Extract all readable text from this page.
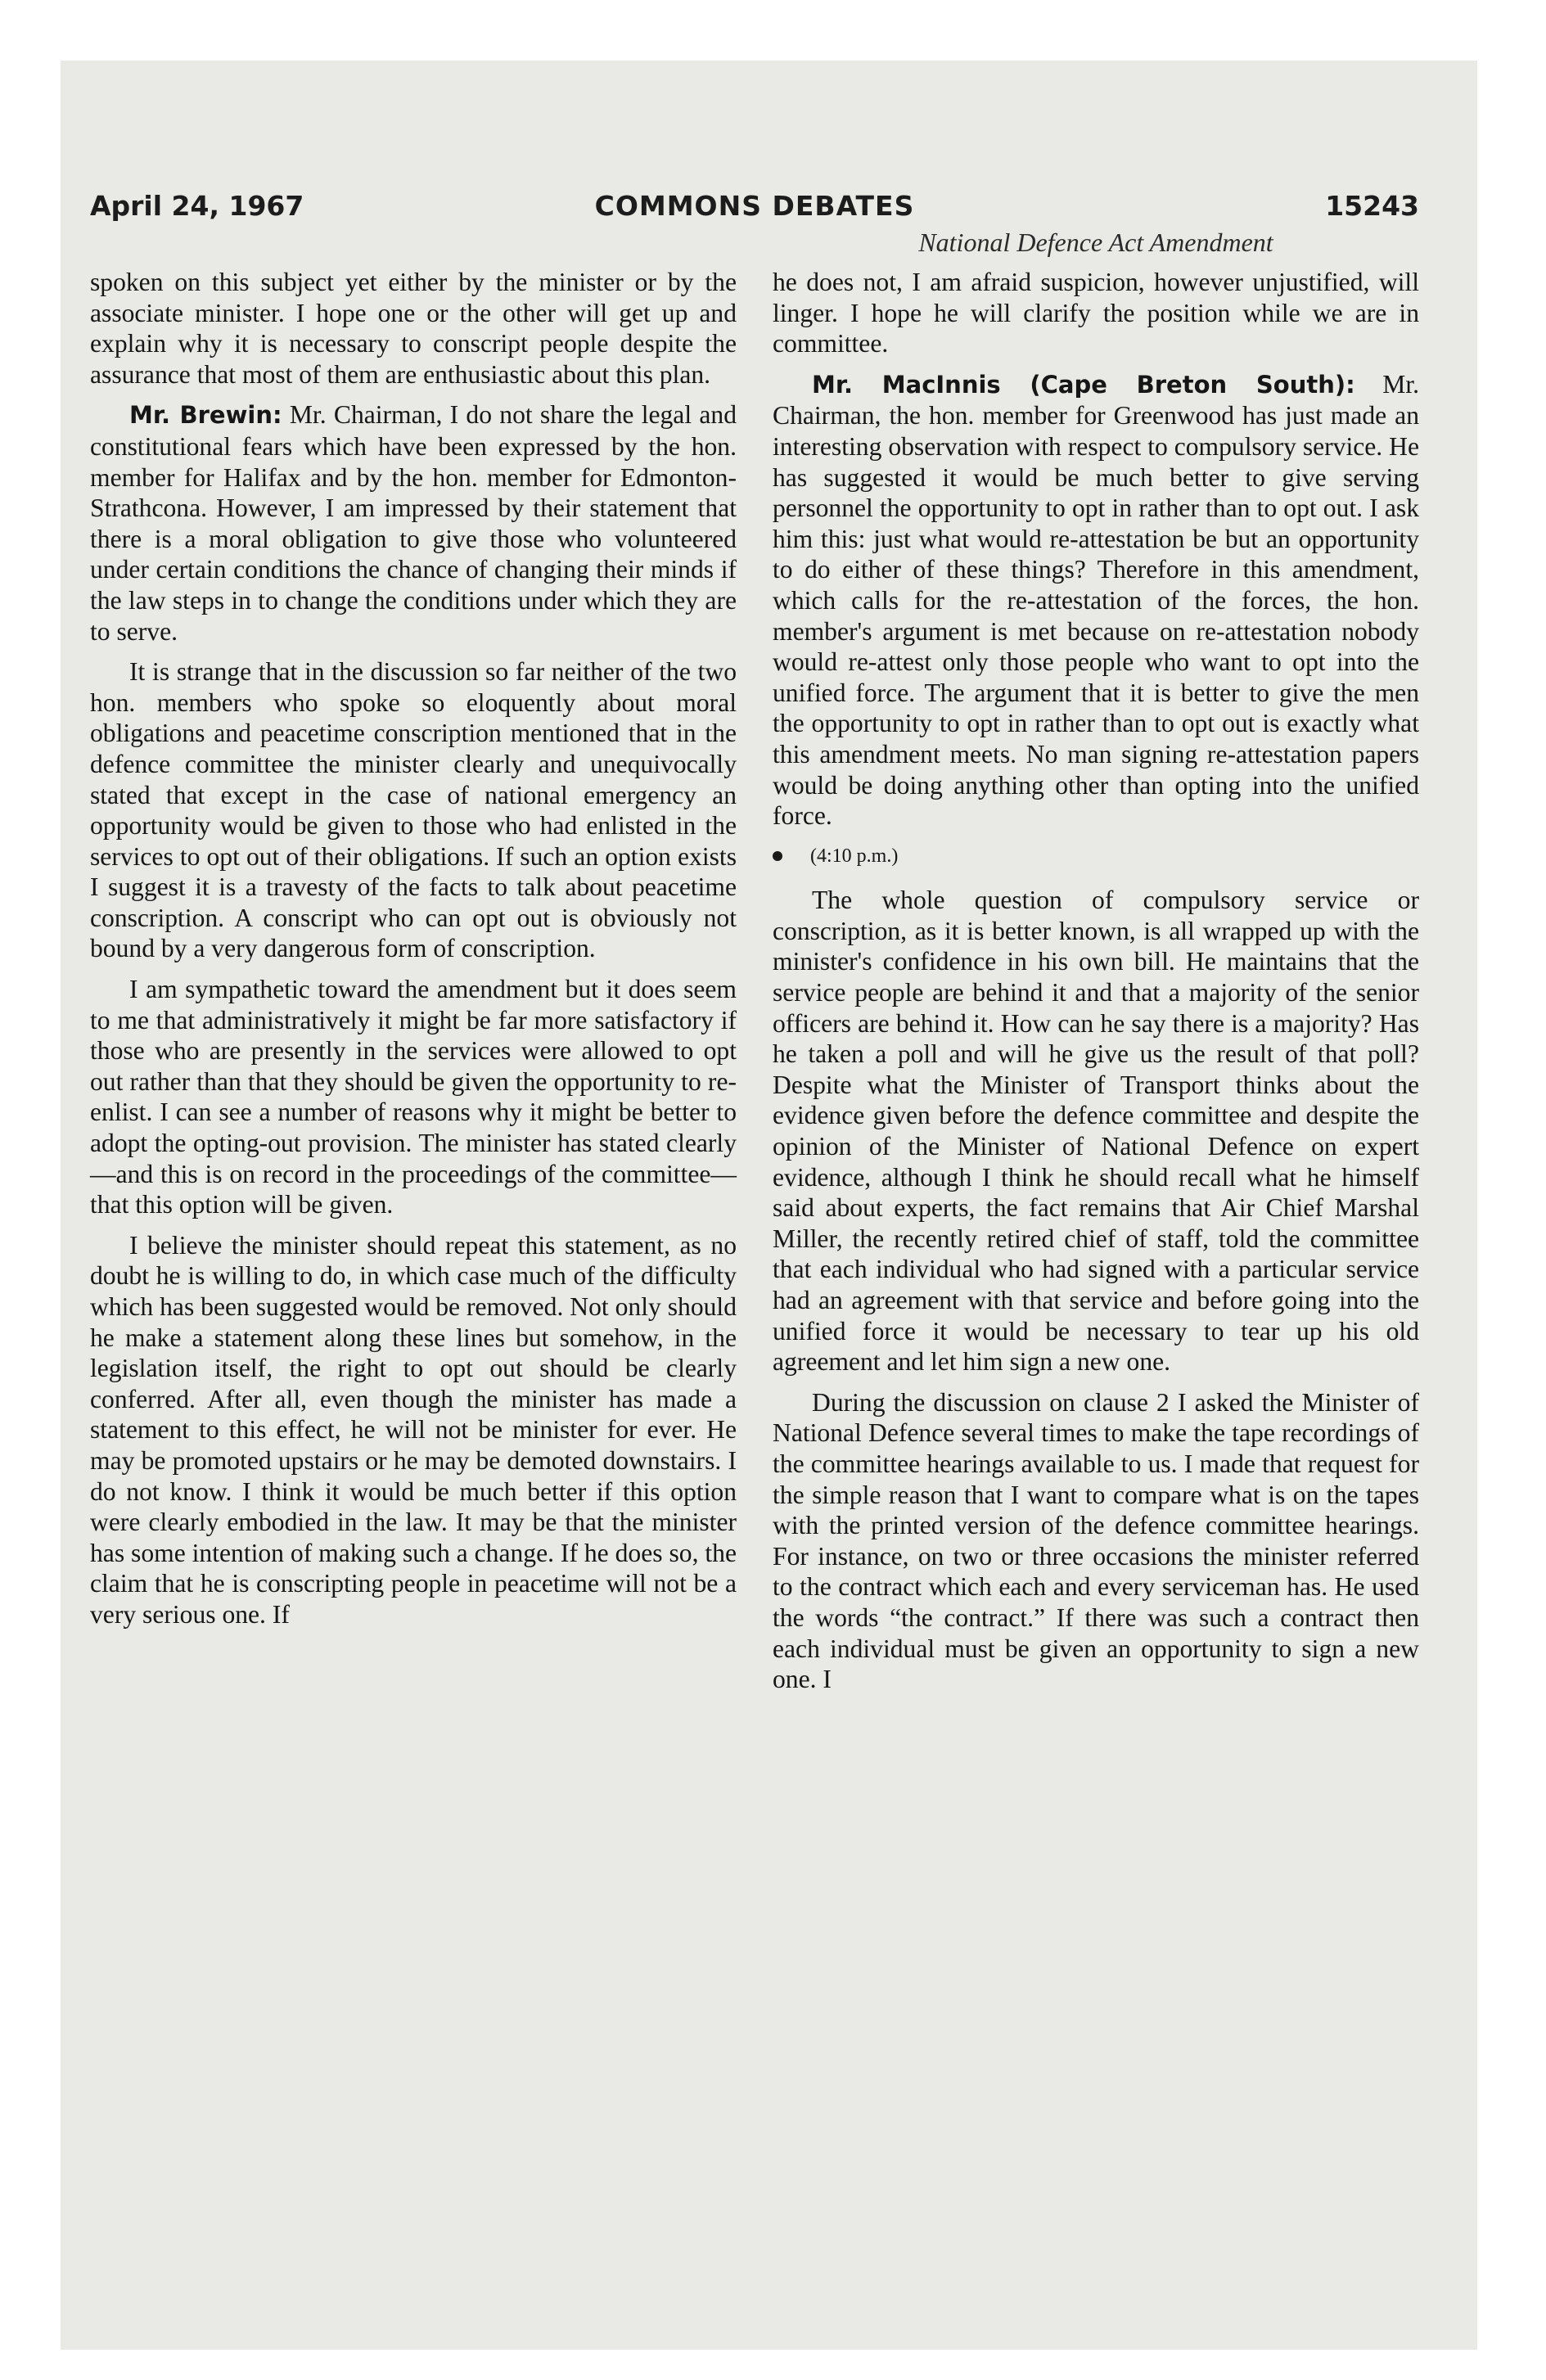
April 24, 1967	COMMONS DEBATES	15243
National Defence Act Amendment

spoken on this subject yet either by the minister or by the associate minister. I hope one or the other will get up and explain why it is necessary to conscript people despite the assurance that most of them are enthusiastic about this plan.

Mr. Brewin: Mr. Chairman, I do not share the legal and constitutional fears which have been expressed by the hon. member for Halifax and by the hon. member for Edmonton-Strathcona. However, I am impressed by their statement that there is a moral obligation to give those who volunteered under certain conditions the chance of changing their minds if the law steps in to change the conditions under which they are to serve.

It is strange that in the discussion so far neither of the two hon. members who spoke so eloquently about moral obligations and peacetime conscription mentioned that in the defence committee the minister clearly and unequivocally stated that except in the case of national emergency an opportunity would be given to those who had enlisted in the services to opt out of their obligations. If such an option exists I suggest it is a travesty of the facts to talk about peacetime conscription. A conscript who can opt out is obviously not bound by a very dangerous form of conscription.

I am sympathetic toward the amendment but it does seem to me that administratively it might be far more satisfactory if those who are presently in the services were allowed to opt out rather than that they should be given the opportunity to re-enlist. I can see a number of reasons why it might be better to adopt the opting-out provision. The minister has stated clearly—and this is on record in the proceedings of the committee—that this option will be given.

I believe the minister should repeat this statement, as no doubt he is willing to do, in which case much of the difficulty which has been suggested would be removed. Not only should he make a statement along these lines but somehow, in the legislation itself, the right to opt out should be clearly conferred. After all, even though the minister has made a statement to this effect, he will not be minister for ever. He may be promoted upstairs or he may be demoted downstairs. I do not know. I think it would be much better if this option were clearly embodied in the law. It may be that the minister has some intention of making such a change. If he does so, the claim that he is conscripting people in peacetime will not be a very serious one. If

he does not, I am afraid suspicion, however unjustified, will linger. I hope he will clarify the position while we are in committee.

Mr. MacInnis (Cape Breton South): Mr. Chairman, the hon. member for Greenwood has just made an interesting observation with respect to compulsory service. He has suggested it would be much better to give serving personnel the opportunity to opt in rather than to opt out. I ask him this: just what would re-attestation be but an opportunity to do either of these things? Therefore in this amendment, which calls for the re-attestation of the forces, the hon. member's argument is met because on re-attestation nobody would re-attest only those people who want to opt into the unified force. The argument that it is better to give the men the opportunity to opt in rather than to opt out is exactly what this amendment meets. No man signing re-attestation papers would be doing anything other than opting into the unified force.

(4:10 p.m.)

The whole question of compulsory service or conscription, as it is better known, is all wrapped up with the minister's confidence in his own bill. He maintains that the service people are behind it and that a majority of the senior officers are behind it. How can he say there is a majority? Has he taken a poll and will he give us the result of that poll? Despite what the Minister of Transport thinks about the evidence given before the defence committee and despite the opinion of the Minister of National Defence on expert evidence, although I think he should recall what he himself said about experts, the fact remains that Air Chief Marshal Miller, the recently retired chief of staff, told the committee that each individual who had signed with a particular service had an agreement with that service and before going into the unified force it would be necessary to tear up his old agreement and let him sign a new one.

During the discussion on clause 2 I asked the Minister of National Defence several times to make the tape recordings of the committee hearings available to us. I made that request for the simple reason that I want to compare what is on the tapes with the printed version of the defence committee hearings. For instance, on two or three occasions the minister referred to the contract which each and every serviceman has. He used the words “the contract.” If there was such a contract then each individual must be given an opportunity to sign a new one. I
